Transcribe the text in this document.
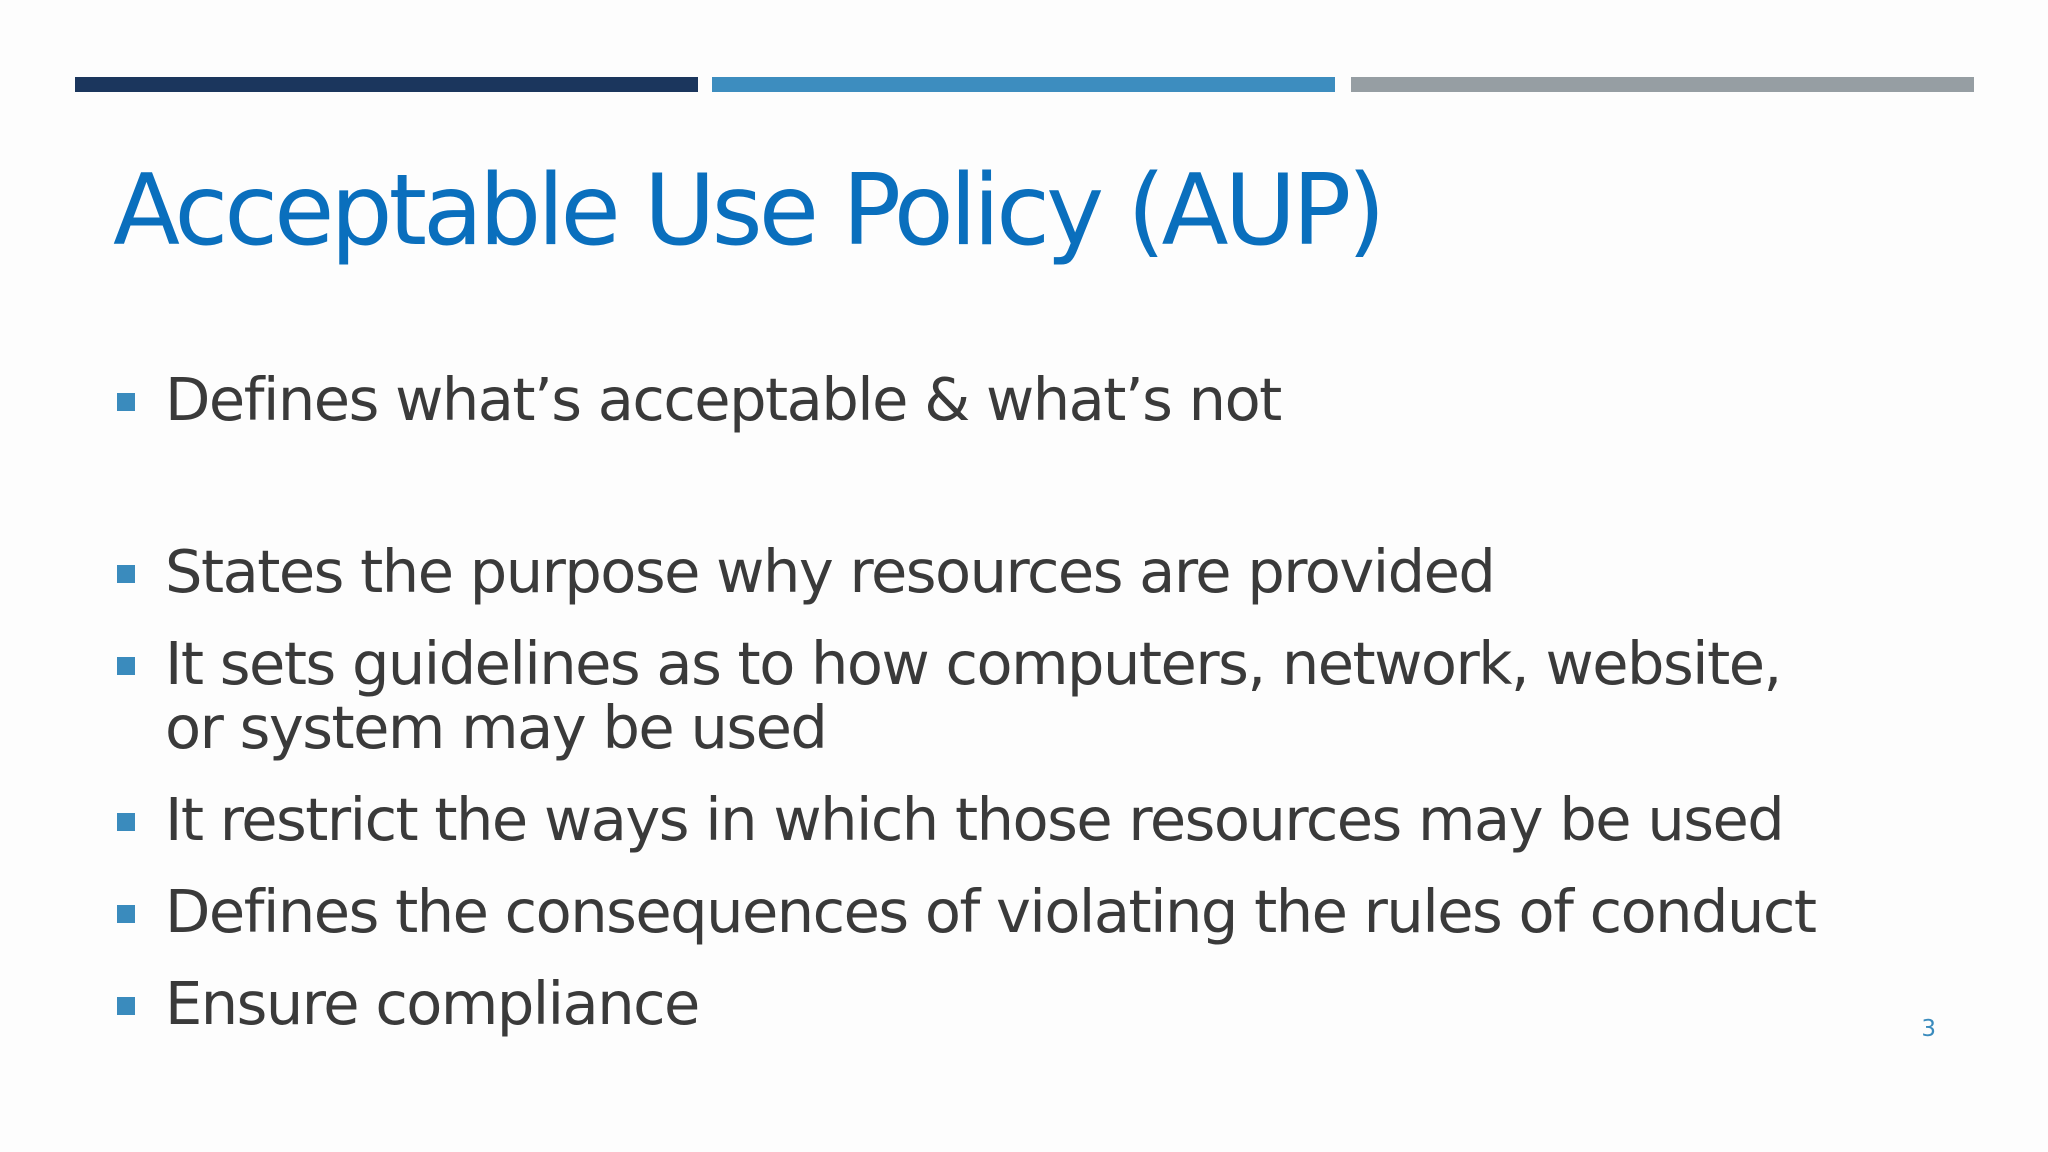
Acceptable Use Policy (AUP)
Defines what’s acceptable & what’s not
States the purpose why resources are provided
It sets guidelines as to how computers, network, website, or system may be used
It restrict the ways in which those resources may be used
Defines the consequences of violating the rules of conduct
Ensure compliance	3
